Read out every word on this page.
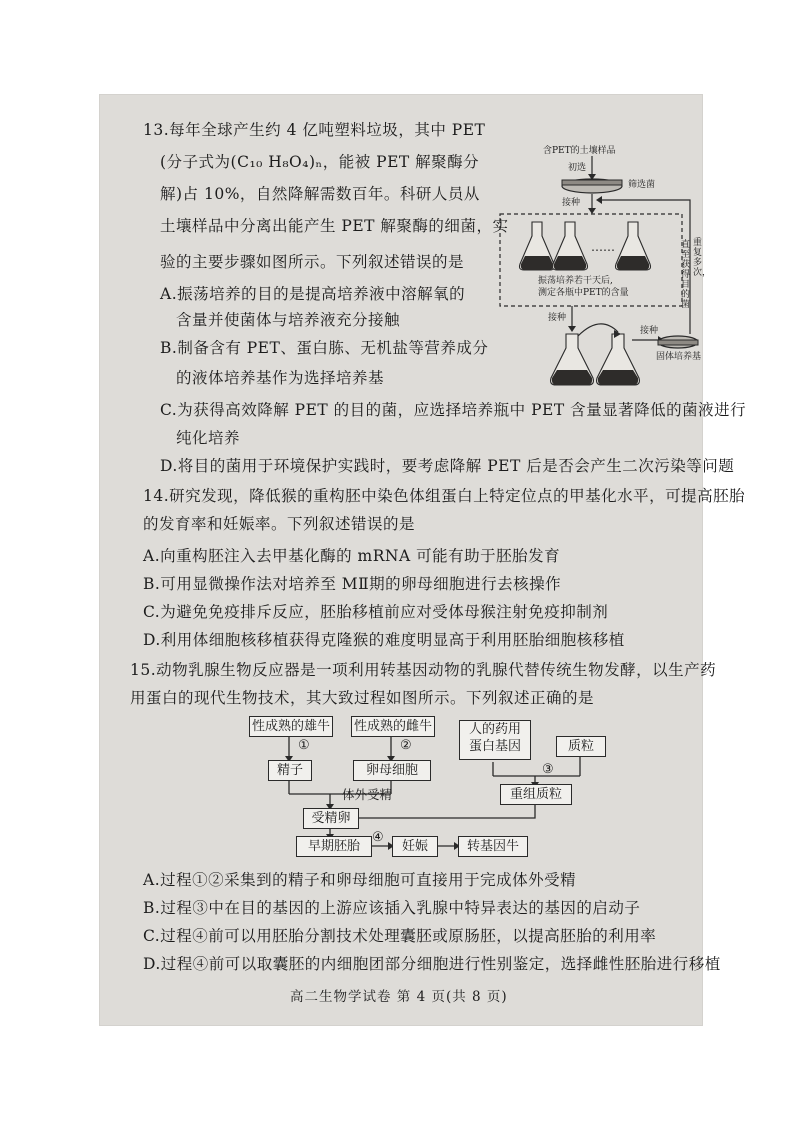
13.每年全球产生约 4 亿吨塑料垃圾，其中 PET
(分子式为(C₁₀ H₈O₄)ₙ，能被 PET 解聚酶分
解)占 10%，自然降解需数百年。科研人员从
土壤样品中分离出能产生 PET 解聚酶的细菌，实
验的主要步骤如图所示。下列叙述错误的是
A.振荡培养的目的是提高培养液中溶解氧的
含量并使菌体与培养液充分接触
B.制备含有 PET、蛋白胨、无机盐等营养成分
的液体培养基作为选择培养基
C.为获得高效降解 PET 的目的菌，应选择培养瓶中 PET 含量显著降低的菌液进行
纯化培养
D.将目的菌用于环境保护实践时，要考虑降解 PET 后是否会产生二次污染等问题
含PET的土壤样品
初选
筛选菌
接种
……
振荡培养若干天后,
测定各瓶中PET的含量
接种
接种
重复多次，
直至获得目的菌
固体培养基
14.研究发现，降低猴的重构胚中染色体组蛋白上特定位点的甲基化水平，可提高胚胎
的发育率和妊娠率。下列叙述错误的是
A.向重构胚注入去甲基化酶的 mRNA 可能有助于胚胎发育
B.可用显微操作法对培养至 MⅡ期的卵母细胞进行去核操作
C.为避免免疫排斥反应，胚胎移植前应对受体母猴注射免疫抑制剂
D.利用体细胞核移植获得克隆猴的难度明显高于利用胚胎细胞核移植
15.动物乳腺生物反应器是一项利用转基因动物的乳腺代替传统生物发酵，以生产药
用蛋白的现代生物技术，其大致过程如图所示。下列叙述正确的是
性成熟的雄牛 性成熟的雌牛	人的药用
蛋白基因	质粒
①	②
③
精子	卵母细胞
体外受精	重组质粒
受精卵
早期胚胎
④
妊娠	转基因牛
A.过程①②采集到的精子和卵母细胞可直接用于完成体外受精
B.过程③中在目的基因的上游应该插入乳腺中特异表达的基因的启动子
C.过程④前可以用胚胎分割技术处理囊胚或原肠胚，以提高胚胎的利用率
D.过程④前可以取囊胚的内细胞团部分细胞进行性别鉴定，选择雌性胚胎进行移植
高二生物学试卷 第 4 页(共 8 页)
